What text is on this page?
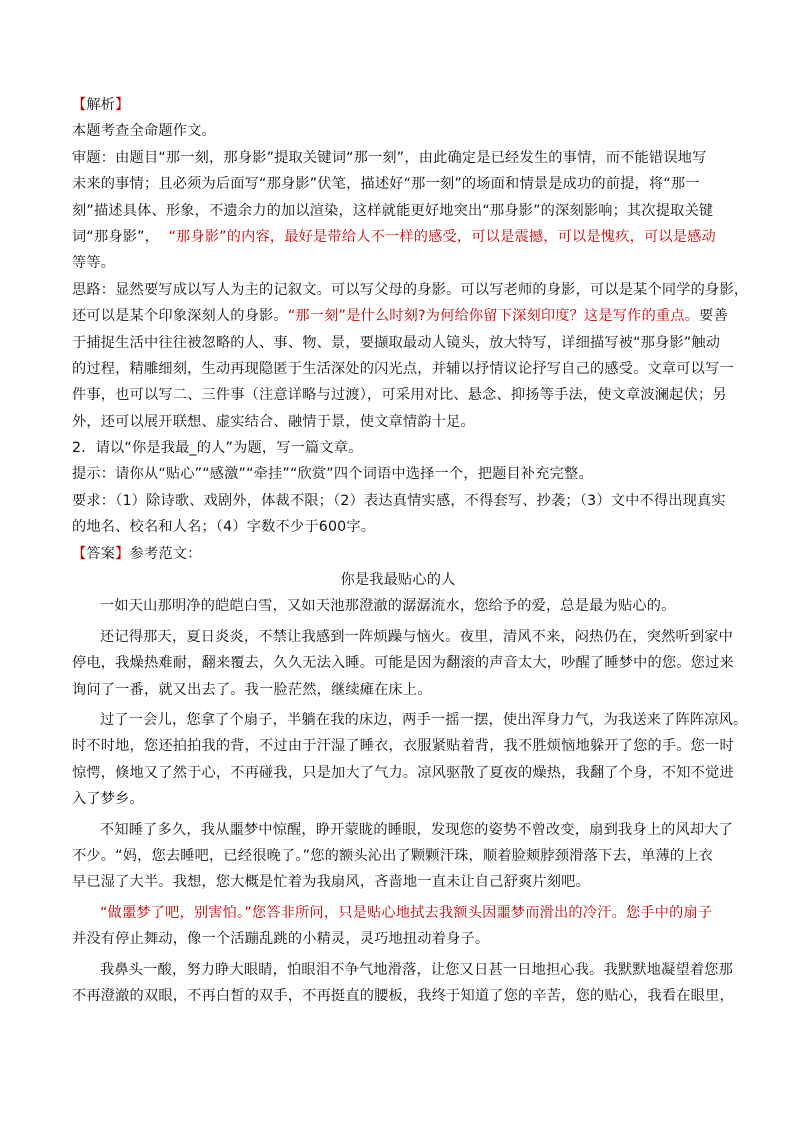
【解析】
本题考查全命题作文。
审题：由题目“那一刻，那身影”提取关键词“那一刻”，由此确定是已经发生的事情，而不能错误地写
未来的事情；且必须为后面写“那身影”伏笔，描述好“那一刻”的场面和情景是成功的前提，将“那一
刻”描述具体、形象，不遗余力的加以渲染，这样就能更好地突出“那身影”的深刻影响；其次提取关键
词“那身影”， “那身影”的内容，最好是带给人不一样的感受，可以是震撼，可以是愧疚，可以是感动
等等。
思路：显然要写成以写人为主的记叙文。可以写父母的身影。可以写老师的身影，可以是某个同学的身影，
还可以是某个印象深刻人的身影。“那一刻”是什么时刻?为何给你留下深刻印度？这是写作的重点。要善
于捕捉生活中往往被忽略的人、事、物、景，要撷取最动人镜头，放大特写，详细描写被“那身影”触动
的过程，精雕细刻，生动再现隐匿于生活深处的闪光点，并辅以抒情议论抒写自己的感受。文章可以写一
件事，也可以写二、三件事（注意详略与过渡），可采用对比、悬念、抑扬等手法，使文章波澜起伏；另
外，还可以展开联想、虚实结合、融情于景，使文章情韵十足。
2．请以“你是我最_的人”为题，写一篇文章。
提示：请你从“贴心”“感激”“牵挂”“欣赏”四个词语中选择一个，把题目补充完整。
要求：（1）除诗歌、戏剧外，体裁不限；（2）表达真情实感，不得套写、抄袭；（3）文中不得出现真实
的地名、校名和人名；（4）字数不少于600字。
【答案】参考范文：
你是我最贴心的人
一如天山那明净的皑皑白雪，又如天池那澄澈的潺潺流水，您给予的爱，总是最为贴心的。
还记得那天，夏日炎炎，不禁让我感到一阵烦躁与恼火。夜里，清风不来，闷热仍在，突然听到家中
停电，我燥热难耐，翻来覆去，久久无法入睡。可能是因为翻滚的声音太大，吵醒了睡梦中的您。您过来
询问了一番，就又出去了。我一脸茫然，继续瘫在床上。
过了一会儿，您拿了个扇子，半躺在我的床边，两手一摇一摆，使出浑身力气，为我送来了阵阵凉风。
时不时地，您还拍拍我的背，不过由于汗湿了睡衣，衣服紧贴着背，我不胜烦恼地躲开了您的手。您一时
惊愕，倏地又了然于心，不再碰我，只是加大了气力。凉风驱散了夏夜的燥热，我翻了个身，不知不觉进
入了梦乡。
不知睡了多久，我从噩梦中惊醒，睁开蒙眬的睡眼，发现您的姿势不曾改变，扇到我身上的风却大了
不少。“妈，您去睡吧，已经很晚了。”您的额头沁出了颗颗汗珠，顺着脸颊脖颈滑落下去，单薄的上衣
早已湿了大半。我想，您大概是忙着为我扇风，吝啬地一直未让自己舒爽片刻吧。
“做噩梦了吧，别害怕。”您答非所问，只是贴心地拭去我额头因噩梦而滑出的冷汗。您手中的扇子
并没有停止舞动，像一个活蹦乱跳的小精灵，灵巧地扭动着身子。
我鼻头一酸，努力睁大眼睛，怕眼泪不争气地滑落，让您又日甚一日地担心我。我默默地凝望着您那
不再澄澈的双眼，不再白皙的双手，不再挺直的腰板，我终于知道了您的辛苦，您的贴心，我看在眼里，
